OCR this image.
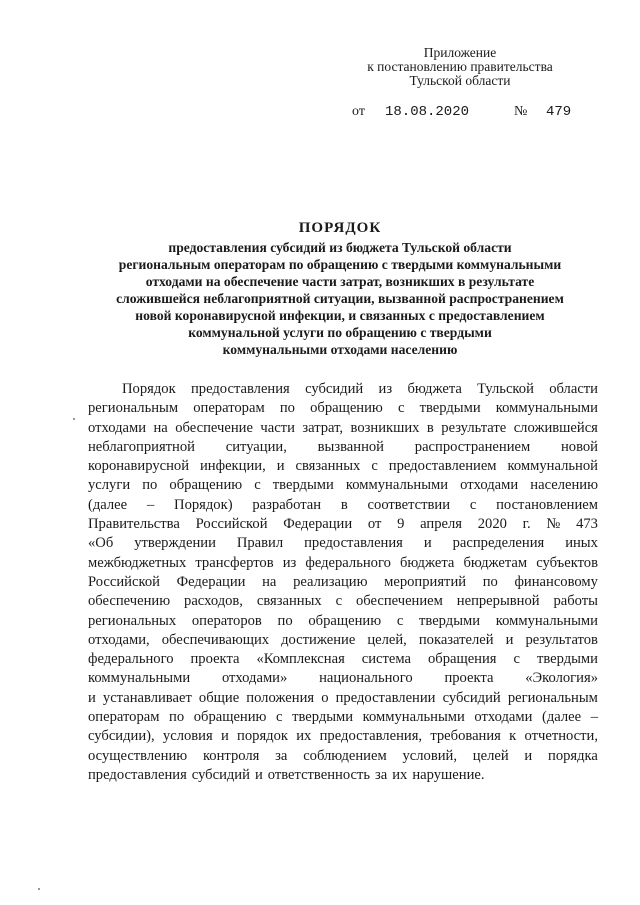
Приложение
к постановлению правительства
Тульской области
от 18.08.2020	№ 479
ПОРЯДОК
предоставления субсидий из бюджета Тульской области
региональным операторам по обращению с твердыми коммунальными
отходами на обеспечение части затрат, возникших в результате
сложившейся неблагоприятной ситуации, вызванной распространением
новой коронавирусной инфекции, и связанных с предоставлением
коммунальной услуги по обращению с твердыми
коммунальными отходами населению
Порядок предоставления субсидий из бюджета Тульской области
региональным операторам по обращению с твердыми коммунальными
отходами на обеспечение части затрат, возникших в результате сложившейся
неблагоприятной ситуации, вызванной распространением новой
коронавирусной инфекции, и связанных с предоставлением коммунальной
услуги по обращению с твердыми коммунальными отходами населению
(далее – Порядок) разработан в соответствии с постановлением
Правительства Российской Федерации от 9 апреля 2020 г. № 473
«Об утверждении Правил предоставления и распределения иных
межбюджетных трансфертов из федерального бюджета бюджетам субъектов
Российской Федерации на реализацию мероприятий по финансовому
обеспечению расходов, связанных с обеспечением непрерывной работы
региональных операторов по обращению с твердыми коммунальными
отходами, обеспечивающих достижение целей, показателей и результатов
федерального проекта «Комплексная система обращения с твердыми
коммунальными отходами» национального проекта «Экология»
и устанавливает общие положения о предоставлении субсидий региональным
операторам по обращению с твердыми коммунальными отходами (далее –
субсидии), условия и порядок их предоставления, требования к отчетности,
осуществлению контроля за соблюдением условий, целей и порядка
предоставления субсидий и ответственность за их нарушение.
